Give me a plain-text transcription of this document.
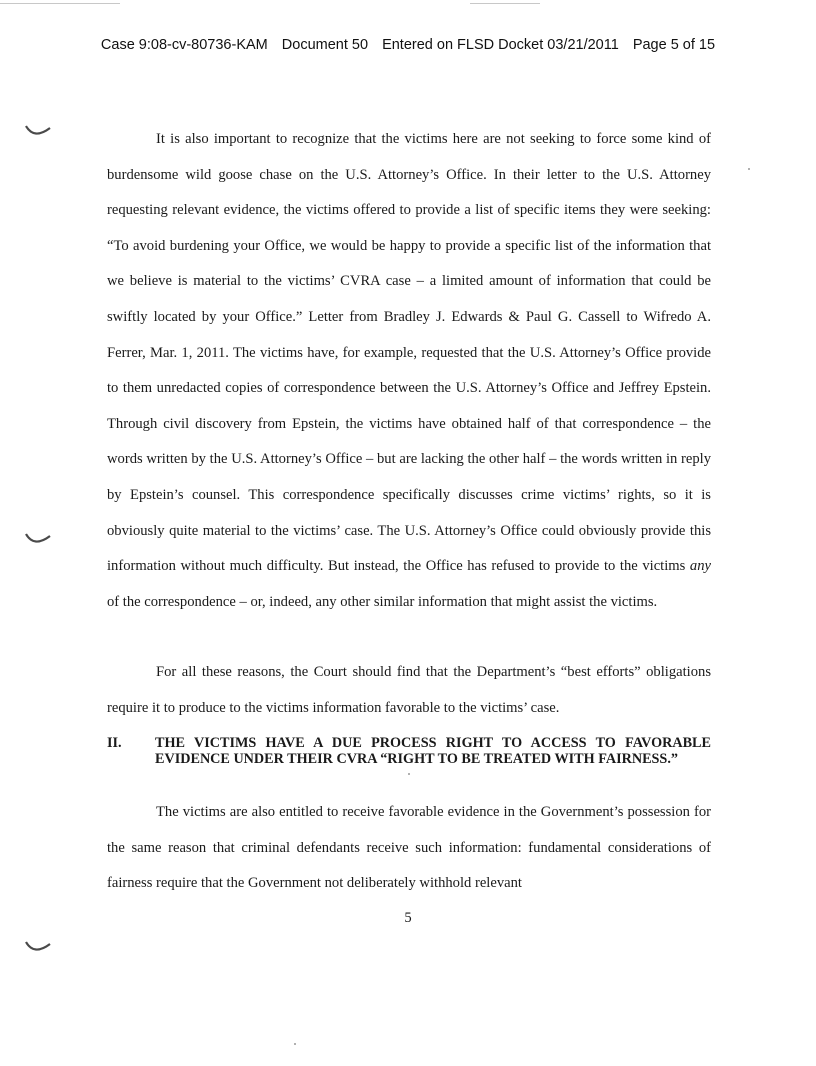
Case 9:08-cv-80736-KAM Document 50 Entered on FLSD Docket 03/21/2011 Page 5 of 15

It is also important to recognize that the victims here are not seeking to force some kind of burdensome wild goose chase on the U.S. Attorney’s Office. In their letter to the U.S. Attorney requesting relevant evidence, the victims offered to provide a list of specific items they were seeking: “To avoid burdening your Office, we would be happy to provide a specific list of the information that we believe is material to the victims’ CVRA case – a limited amount of information that could be swiftly located by your Office.” Letter from Bradley J. Edwards & Paul G. Cassell to Wifredo A. Ferrer, Mar. 1, 2011. The victims have, for example, requested that the U.S. Attorney’s Office provide to them unredacted copies of correspondence between the U.S. Attorney’s Office and Jeffrey Epstein. Through civil discovery from Epstein, the victims have obtained half of that correspondence – the words written by the U.S. Attorney’s Office – but are lacking the other half – the words written in reply by Epstein’s counsel. This correspondence specifically discusses crime victims’ rights, so it is obviously quite material to the victims’ case. The U.S. Attorney’s Office could obviously provide this information without much difficulty. But instead, the Office has refused to provide to the victims any of the correspondence – or, indeed, any other similar information that might assist the victims.

For all these reasons, the Court should find that the Department’s “best efforts” obligations require it to produce to the victims information favorable to the victims’ case.

II. THE VICTIMS HAVE A DUE PROCESS RIGHT TO ACCESS TO FAVORABLE EVIDENCE UNDER THEIR CVRA “RIGHT TO BE TREATED WITH FAIRNESS.”

The victims are also entitled to receive favorable evidence in the Government’s possession for the same reason that criminal defendants receive such information: fundamental considerations of fairness require that the Government not deliberately withhold relevant

5
